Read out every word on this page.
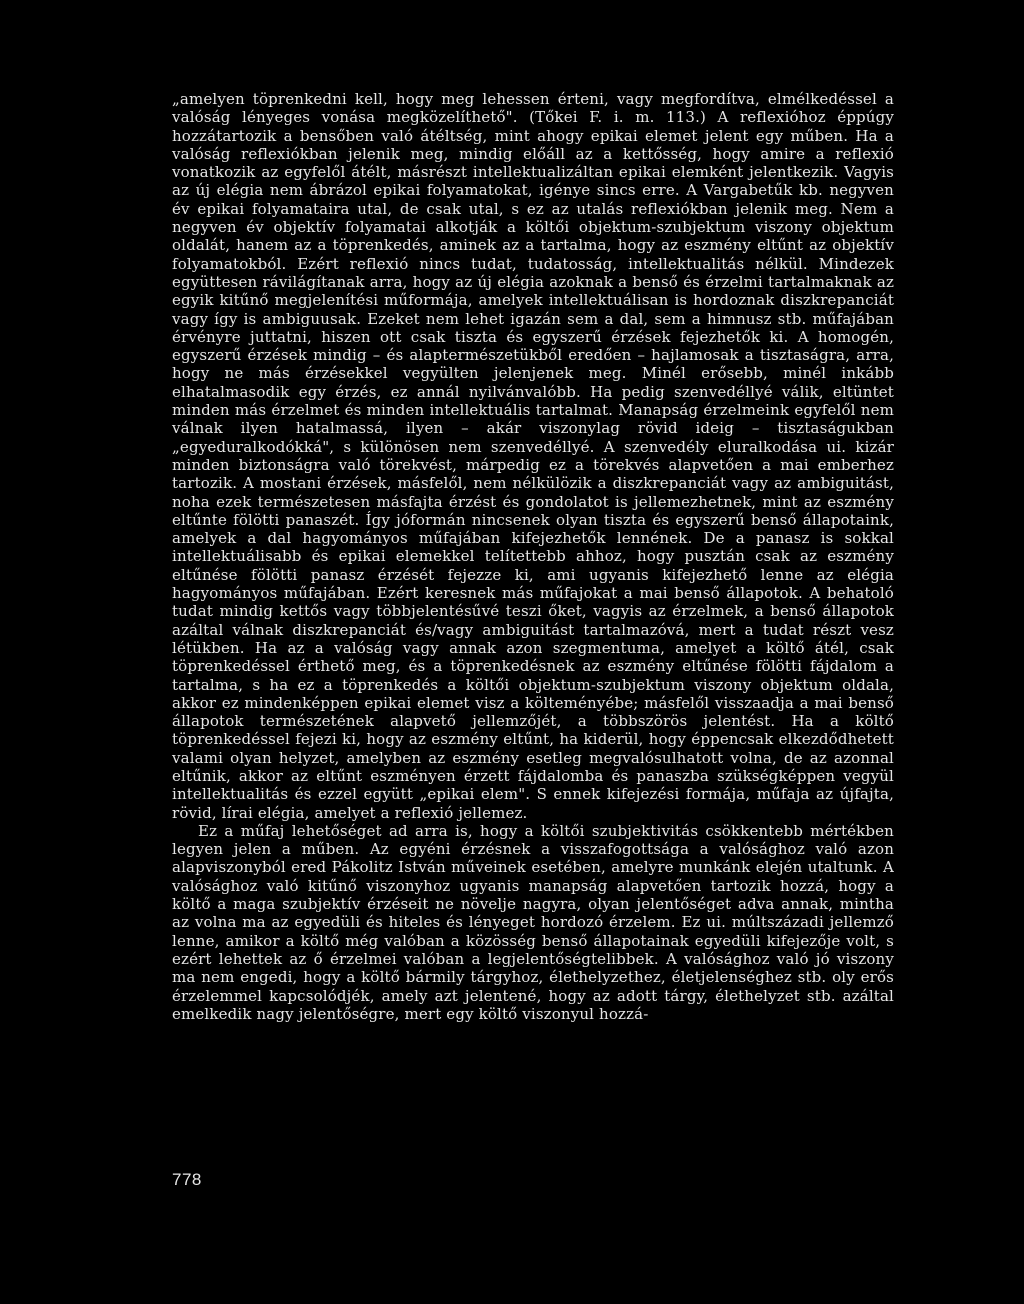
„amelyen töprenkedni kell, hogy meg lehessen érteni, vagy megfordítva, elmélkedéssel a valóság lényeges vonása megközelíthető". (Tőkei F. i. m. 113.) A reflexióhoz éppúgy hozzátartozik a bensőben való átéltség, mint ahogy epikai elemet jelent egy műben. Ha a valóság reflexiókban jelenik meg, mindig előáll az a kettősség, hogy amire a reflexió vonatkozik az egyfelől átélt, másrészt intellektualizáltan epikai elemként jelentkezik. Vagyis az új elégia nem ábrázol epikai folyamatokat, igénye sincs erre. A Vargabetűk kb. negyven év epikai folyamataira utal, de csak utal, s ez az utalás reflexiókban jelenik meg. Nem a negyven év objektív folyamatai alkotják a költői objektum-szubjektum viszony objektum oldalát, hanem az a töprenkedés, aminek az a tartalma, hogy az eszmény eltűnt az objektív folyamatokból. Ezért reflexió nincs tudat, tudatosság, intellektualitás nélkül. Mindezek együttesen rávilágítanak arra, hogy az új elégia azoknak a benső és érzelmi tartalmaknak az egyik kitűnő megjelenítési műformája, amelyek intellektuálisan is hordoznak diszkrepanciát vagy így is ambiguusak. Ezeket nem lehet igazán sem a dal, sem a himnusz stb. műfajában érvényre juttatni, hiszen ott csak tiszta és egyszerű érzések fejezhetők ki. A homogén, egyszerű érzések mindig – és alaptermészetükből eredően – hajlamosak a tisztaságra, arra, hogy ne más érzésekkel vegyülten jelenjenek meg. Minél erősebb, minél inkább elhatalmasodik egy érzés, ez annál nyilvánvalóbb. Ha pedig szenvedéllyé válik, eltüntet minden más érzelmet és minden intellektuális tartalmat. Manapság érzelmeink egyfelől nem válnak ilyen hatalmassá, ilyen – akár viszonylag rövid ideig – tisztaságukban „egyeduralkodókká", s különösen nem szenvedéllyé. A szenvedély eluralkodása ui. kizár minden biztonságra való törekvést, márpedig ez a törekvés alapvetően a mai emberhez tartozik. A mostani érzések, másfelől, nem nélkülözik a diszkrepanciát vagy az ambiguitást, noha ezek természetesen másfajta érzést és gondolatot is jellemezhetnek, mint az eszmény eltűnte fölötti panaszét. Így jóformán nincsenek olyan tiszta és egyszerű benső állapotaink, amelyek a dal hagyományos műfajában kifejezhetők lennének. De a panasz is sokkal intellektuálisabb és epikai elemekkel telítettebb ahhoz, hogy pusztán csak az eszmény eltűnése fölötti panasz érzését fejezze ki, ami ugyanis kifejezhető lenne az elégia hagyományos műfajában. Ezért keresnek más műfajokat a mai benső állapotok. A behatoló tudat mindig kettős vagy többjelentésűvé teszi őket, vagyis az érzelmek, a benső állapotok azáltal válnak diszkrepanciát és/vagy ambiguitást tartalmazóvá, mert a tudat részt vesz létükben. Ha az a valóság vagy annak azon szegmentuma, amelyet a költő átél, csak töprenkedéssel érthető meg, és a töprenkedésnek az eszmény eltűnése fölötti fájdalom a tartalma, s ha ez a töprenkedés a költői objektum-szubjektum viszony objektum oldala, akkor ez mindenképpen epikai elemet visz a költeményébe; másfelől visszaadja a mai benső állapotok természetének alapvető jellemzőjét, a többszörös jelentést. Ha a költő töprenkedéssel fejezi ki, hogy az eszmény eltűnt, ha kiderül, hogy éppencsak elkezdődhetett valami olyan helyzet, amelyben az eszmény esetleg megvalósulhatott volna, de az azonnal eltűnik, akkor az eltűnt eszményen érzett fájdalomba és panaszba szükségképpen vegyül intellektualitás és ezzel együtt „epikai elem". S ennek kifejezési formája, műfaja az újfajta, rövid, lírai elégia, amelyet a reflexió jellemez.

Ez a műfaj lehetőséget ad arra is, hogy a költői szubjektivitás csökkentebb mértékben legyen jelen a műben. Az egyéni érzésnek a visszafogottsága a valósághoz való azon alapviszonyból ered Pákolitz István műveinek esetében, amelyre munkánk elején utaltunk. A valósághoz való kitűnő viszonyhoz ugyanis manapság alapvetően tartozik hozzá, hogy a költő a maga szubjektív érzéseit ne növelje nagyra, olyan jelentőséget adva annak, mintha az volna ma az egyedüli és hiteles és lényeget hordozó érzelem. Ez ui. múltszázadi jellemző lenne, amikor a költő még valóban a közösség benső állapotainak egyedüli kifejezője volt, s ezért lehettek az ő érzelmei valóban a legjelentőségtelibbek. A valósághoz való jó viszony ma nem engedi, hogy a költő bármily tárgyhoz, élethelyzethez, életjelenséghez stb. oly erős érzelemmel kapcsolódjék, amely azt jelentené, hogy az adott tárgy, élethelyzet stb. azáltal emelkedik nagy jelentőségre, mert egy költő viszonyul hozzá-

778
